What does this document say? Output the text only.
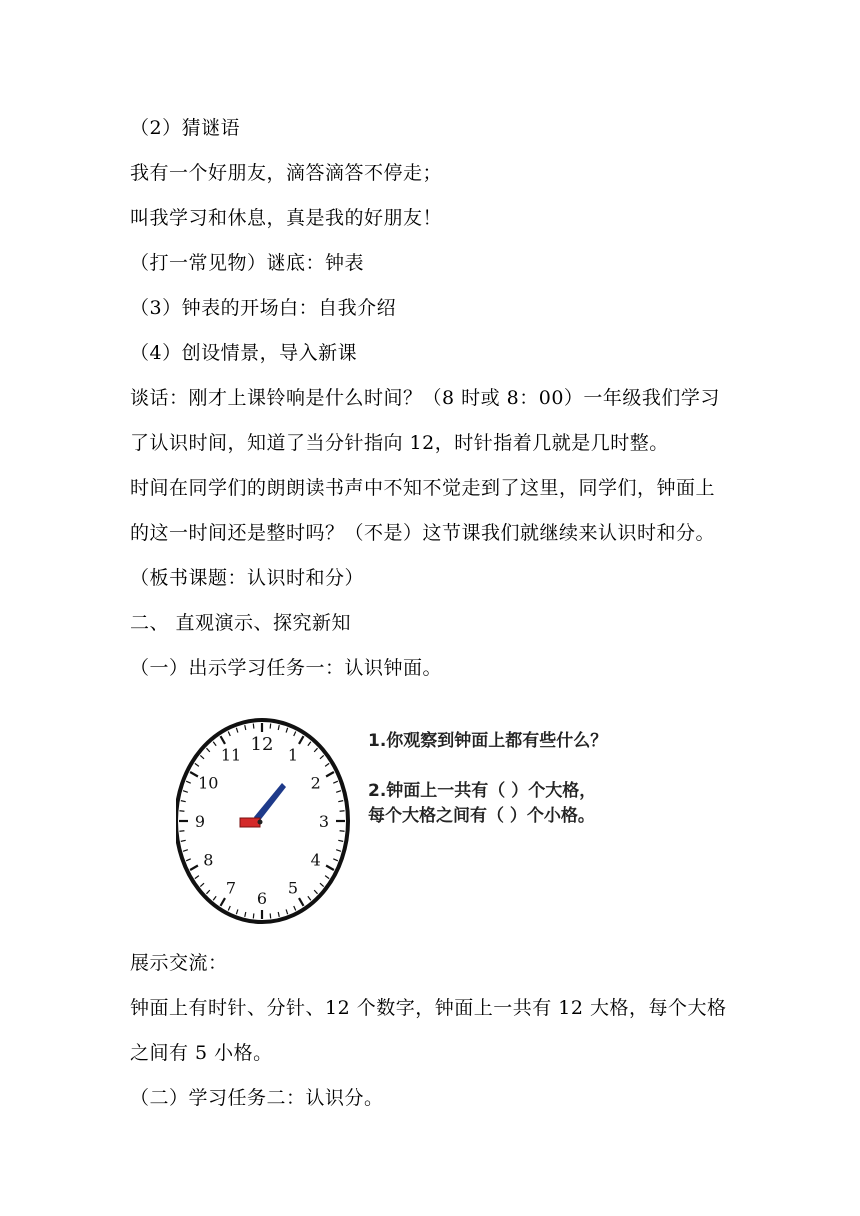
（2）猜谜语
我有一个好朋友，滴答滴答不停走；
叫我学习和休息，真是我的好朋友！
（打一常见物）谜底：钟表
（3）钟表的开场白：自我介绍
（4）创设情景，导入新课
谈话：刚才上课铃响是什么时间？（8 时或 8：00）一年级我们学习
了认识时间，知道了当分针指向 12，时针指着几就是几时整。
时间在同学们的朗朗读书声中不知不觉走到了这里，同学们，钟面上
的这一时间还是整时吗？（不是）这节课我们就继续来认识时和分。
（板书课题：认识时和分）
二、 直观演示、探究新知
（一）出示学习任务一：认识钟面。
12 1
2
3
4
5
6
7
8
9
10
11
1.你观察到钟面上都有些什么？
2.钟面上一共有（ ）个大格，
每个大格之间有（ ）个小格。
展示交流：
钟面上有时针、分针、12 个数字，钟面上一共有 12 大格，每个大格
之间有 5 小格。
（二）学习任务二：认识分。
